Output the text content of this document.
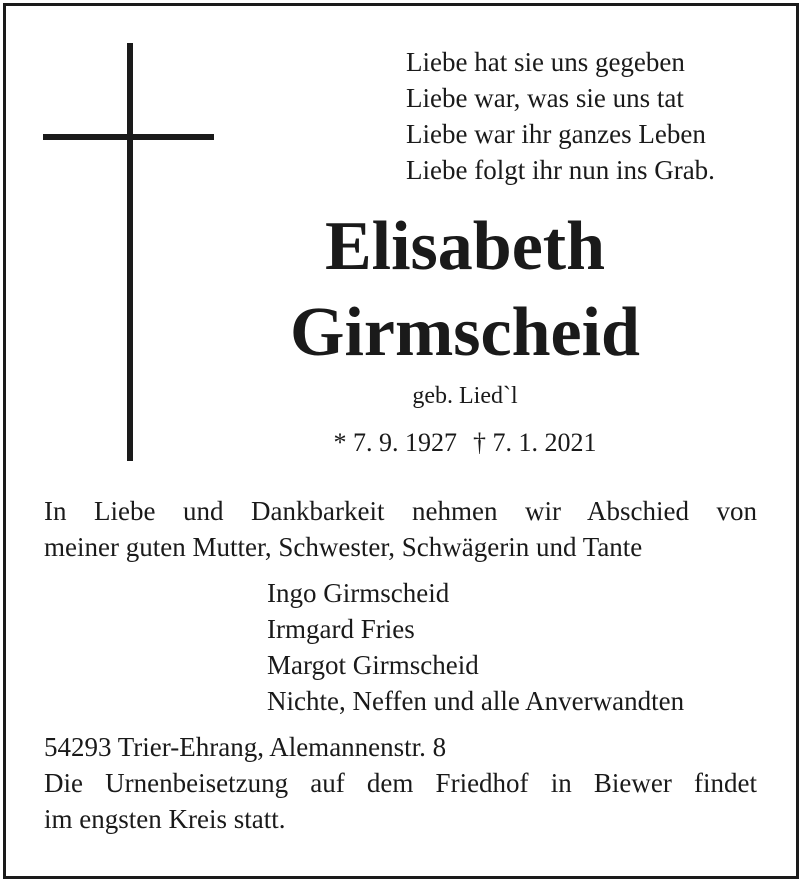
Liebe hat sie uns gegeben
Liebe war, was sie uns tat
Liebe war ihr ganzes Leben
Liebe folgt ihr nun ins Grab.
Elisabeth
Girmscheid
geb. Lied`l
* 7. 9. 1927 † 7. 1. 2021
In Liebe und Dankbarkeit nehmen wir Abschied von
meiner guten Mutter, Schwester, Schwägerin und Tante
Ingo Girmscheid
Irmgard Fries
Margot Girmscheid
Nichte, Neffen und alle Anverwandten
54293 Trier-Ehrang, Alemannenstr. 8
Die Urnenbeisetzung auf dem Friedhof in Biewer findet
im engsten Kreis statt.
